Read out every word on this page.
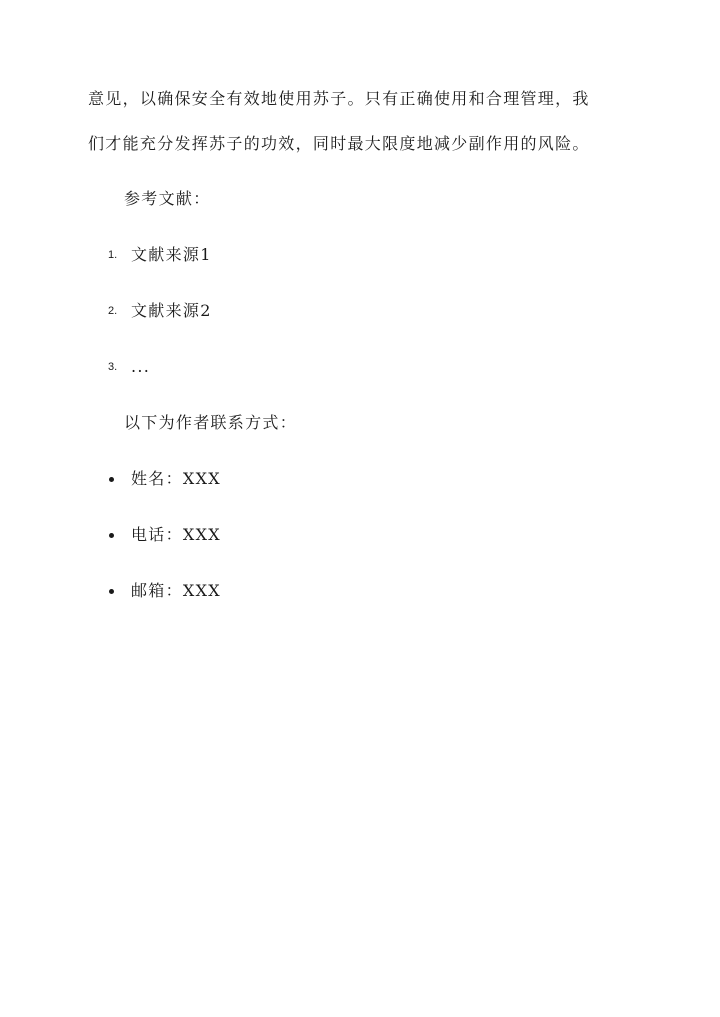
意见，以确保安全有效地使用苏子。只有正确使用和合理管理，我
们才能充分发挥苏子的功效，同时最大限度地减少副作用的风险。
参考文献：
1. 文献来源1
2. 文献来源2
3. ...
以下为作者联系方式：
姓名：XXX
电话：XXX
邮箱：XXX
